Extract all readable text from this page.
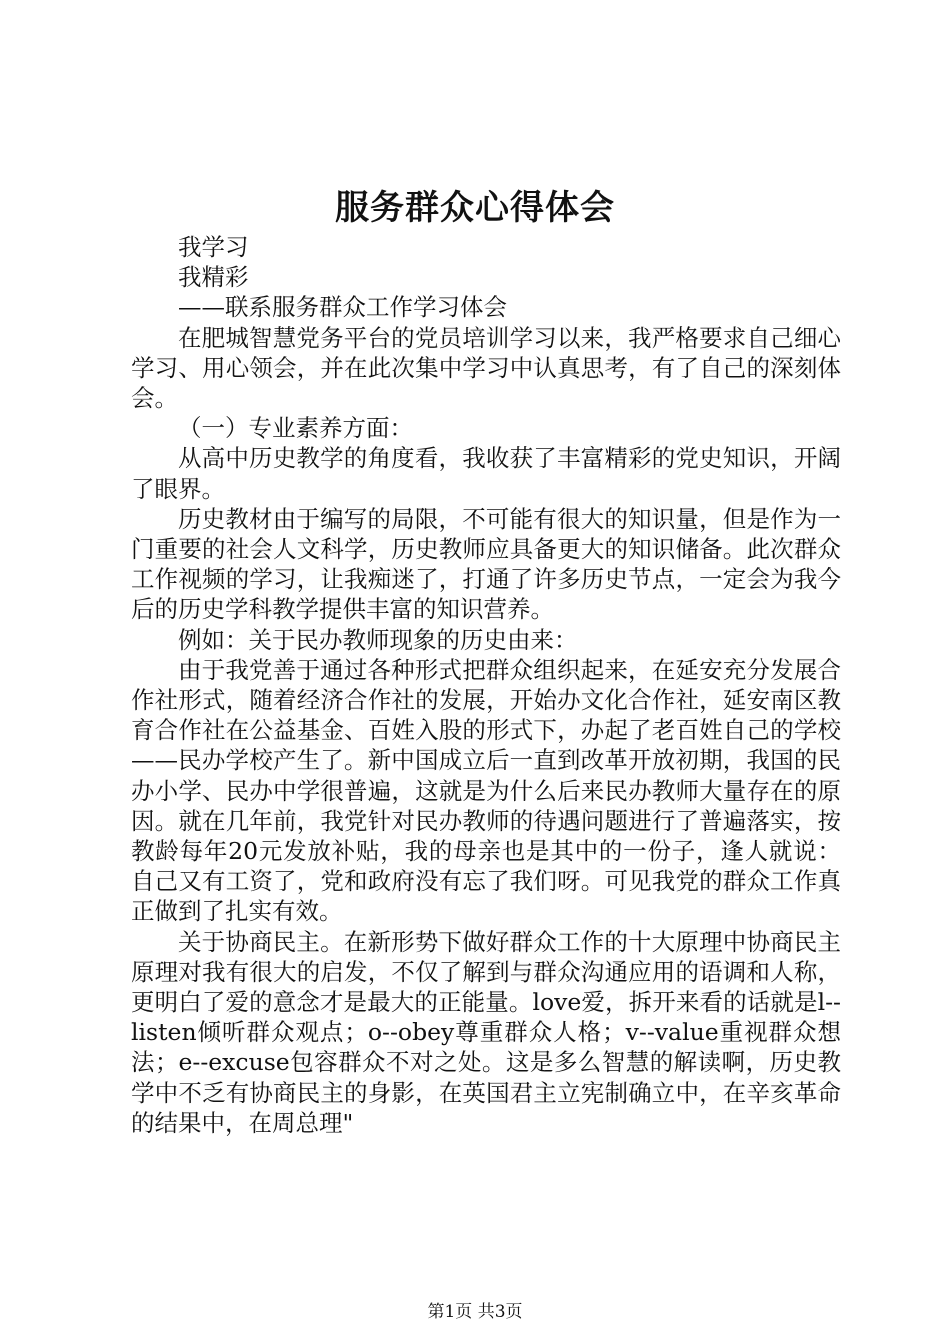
服务群众心得体会

我学习

我精彩

——联系服务群众工作学习体会

在肥城智慧党务平台的党员培训学习以来，我严格要求自己细心学习、用心领会，并在此次集中学习中认真思考，有了自己的深刻体会。

（一）专业素养方面：

从高中历史教学的角度看，我收获了丰富精彩的党史知识，开阔了眼界。

历史教材由于编写的局限，不可能有很大的知识量，但是作为一门重要的社会人文科学，历史教师应具备更大的知识储备。此次群众工作视频的学习，让我痴迷了，打通了许多历史节点，一定会为我今后的历史学科教学提供丰富的知识营养。

例如：关于民办教师现象的历史由来：

由于我党善于通过各种形式把群众组织起来，在延安充分发展合作社形式，随着经济合作社的发展，开始办文化合作社，延安南区教育合作社在公益基金、百姓入股的形式下，办起了老百姓自己的学校——民办学校产生了。新中国成立后一直到改革开放初期，我国的民办小学、民办中学很普遍，这就是为什么后来民办教师大量存在的原因。就在几年前，我党针对民办教师的待遇问题进行了普遍落实，按教龄每年20元发放补贴，我的母亲也是其中的一份子，逢人就说：自己又有工资了，党和政府没有忘了我们呀。可见我党的群众工作真正做到了扎实有效。

关于协商民主。在新形势下做好群众工作的十大原理中协商民主原理对我有很大的启发，不仅了解到与群众沟通应用的语调和人称，更明白了爱的意念才是最大的正能量。love爱，拆开来看的话就是l--listen倾听群众观点；o--obey尊重群众人格；v--value重视群众想法；e--excuse包容群众不对之处。这是多么智慧的解读啊，历史教学中不乏有协商民主的身影，在英国君主立宪制确立中，在辛亥革命的结果中，在周总理"

第1页 共3页
